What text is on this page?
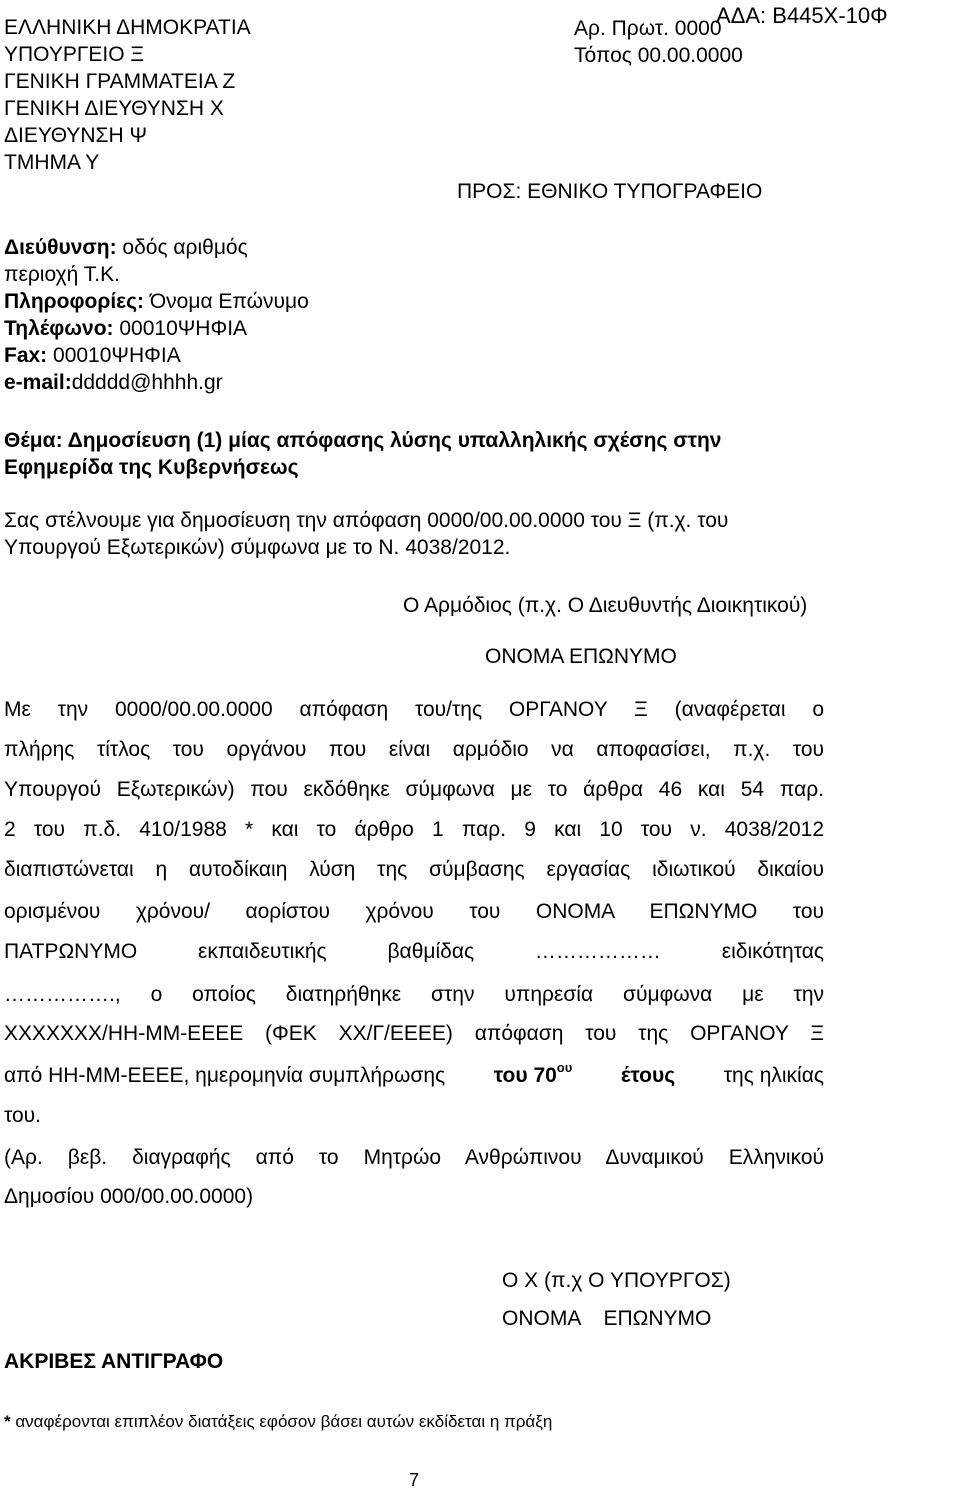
ΕΛΛΗΝΙΚΗ ΔΗΜΟΚΡΑΤΙΑ
ΥΠΟΥΡΓΕΙΟ Ξ
ΓΕΝΙΚΗ ΓΡΑΜΜΑΤΕΙΑ Ζ
ΓΕΝΙΚΗ ΔΙΕΥΘΥΝΣΗ Χ
ΔΙΕΥΘΥΝΣΗ Ψ
ΤΜΗΜΑ Υ
ΑΔΑ: Β445Χ-10Φ
Αρ. Πρωτ. 0000
Τόπος 00.00.0000
ΠΡΟΣ: ΕΘΝΙΚΟ ΤΥΠΟΓΡΑΦΕΙΟ
Διεύθυνση: οδός αριθμός
περιοχή Τ.Κ.
Πληροφορίες: Όνομα Επώνυμο
Τηλέφωνο: 00010ΨΗΦΙΑ
Fax: 00010ΨΗΦΙΑ
e-mail:ddddd@hhhh.gr
Θέμα: Δημοσίευση (1) μίας απόφασης λύσης υπαλληλικής σχέσης στην
Εφημερίδα της Κυβερνήσεως
Σας στέλνουμε για δημοσίευση την απόφαση 0000/00.00.0000 του Ξ (π.χ. του
Υπουργού Εξωτερικών) σύμφωνα με το Ν. 4038/2012.
Ο Αρμόδιος (π.χ. Ο Διευθυντής Διοικητικού)
ΟΝΟΜΑ ΕΠΩΝΥΜΟ
Με την 0000/00.00.0000 απόφαση του/της ΟΡΓΑΝΟΥ Ξ (αναφέρεται ο
πλήρης τίτλος του οργάνου που είναι αρμόδιο να αποφασίσει, π.χ. του
Υπουργού Εξωτερικών) που εκδόθηκε σύμφωνα με το άρθρα 46 και 54 παρ.
2 του π.δ. 410/1988 * και το άρθρο 1 παρ. 9 και 10 του ν. 4038/2012
διαπιστώνεται η αυτοδίκαιη λύση της σύμβασης εργασίας ιδιωτικού δικαίου
ορισμένου χρόνου/ αορίστου χρόνου του ΟΝΟΜΑ ΕΠΩΝΥΜΟ του
ΠΑΤΡΩΝΥΜΟ εκπαιδευτικής βαθμίδας ……………… ειδικότητας
……………., ο οποίος διατηρήθηκε στην υπηρεσία σύμφωνα με την
ΧΧΧΧΧΧΧ/ΗΗ-ΜΜ-ΕΕΕΕ (ΦΕΚ ΧΧ/Γ/ΕΕΕΕ) απόφαση του της ΟΡΓΑΝΟΥ Ξ
από ΗΗ-ΜΜ-ΕΕΕΕ, ημερομηνία συμπλήρωσης του $70^{o\upsilon}$ έτους της ηλικίας
του.
(Αρ. βεβ. διαγραφής από το Μητρώο Ανθρώπινου Δυναμικού Ελληνικού
Δημοσίου 000/00.00.0000)
Ο Χ (π.χ Ο ΥΠΟΥΡΓΟΣ)
ΟΝΟΜΑ    ΕΠΩΝΥΜΟ
ΑΚΡΙΒΕΣ ΑΝΤΙΓΡΑΦΟ
* αναφέρονται επιπλέον διατάξεις εφόσον βάσει αυτών εκδίδεται η πράξη
7
